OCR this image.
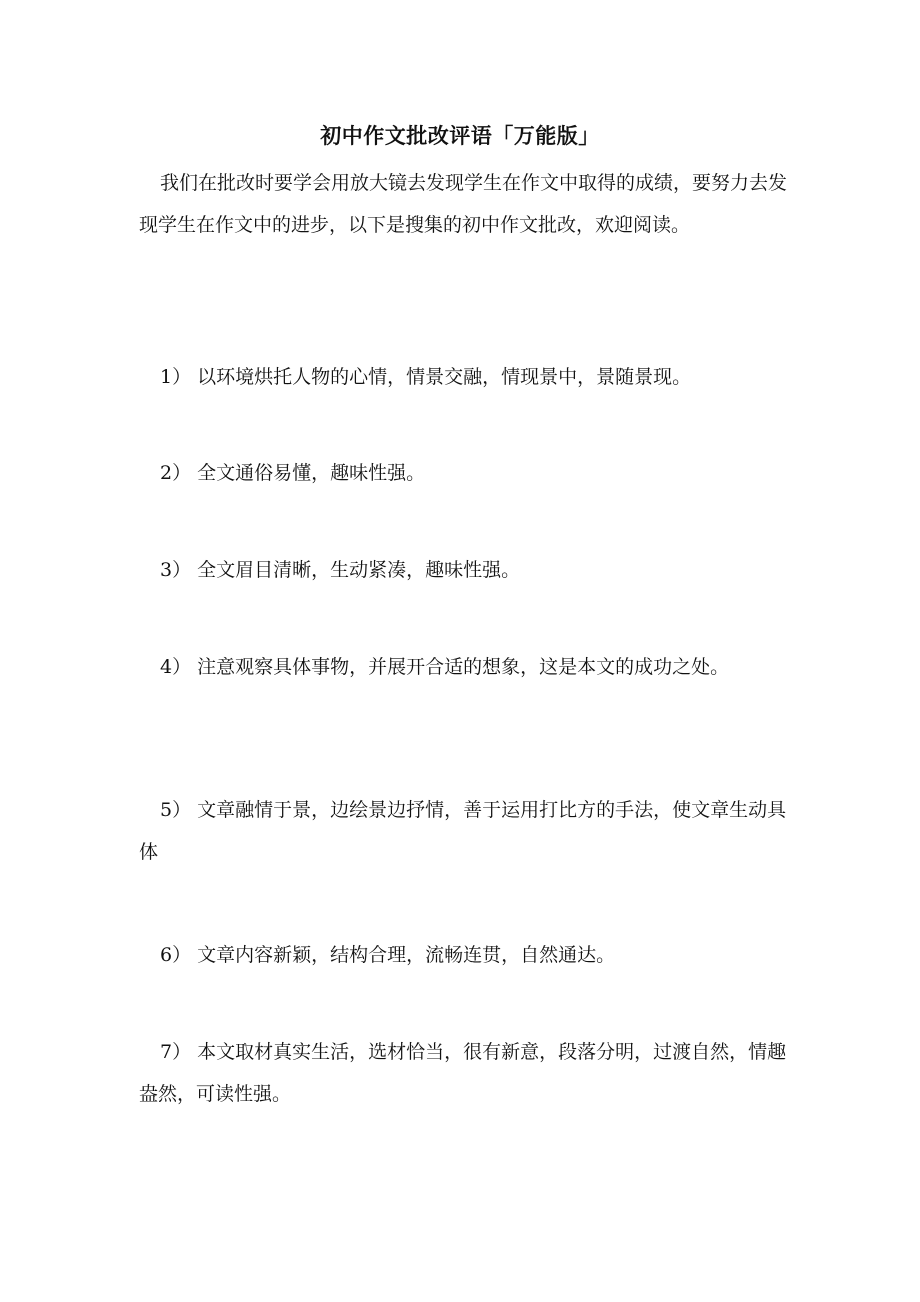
初中作文批改评语「万能版」

我们在批改时要学会用放大镜去发现学生在作文中取得的成绩，要努力去发现学生在作文中的进步，以下是搜集的初中作文批改，欢迎阅读。

1） 以环境烘托人物的心情，情景交融，情现景中，景随景现。

2） 全文通俗易懂，趣味性强。

3） 全文眉目清晰，生动紧凑，趣味性强。

4） 注意观察具体事物，并展开合适的想象，这是本文的成功之处。

5） 文章融情于景，边绘景边抒情，善于运用打比方的手法，使文章生动具体

6） 文章内容新颖，结构合理，流畅连贯，自然通达。

7） 本文取材真实生活，选材恰当，很有新意，段落分明，过渡自然，情趣盎然，可读性强。
